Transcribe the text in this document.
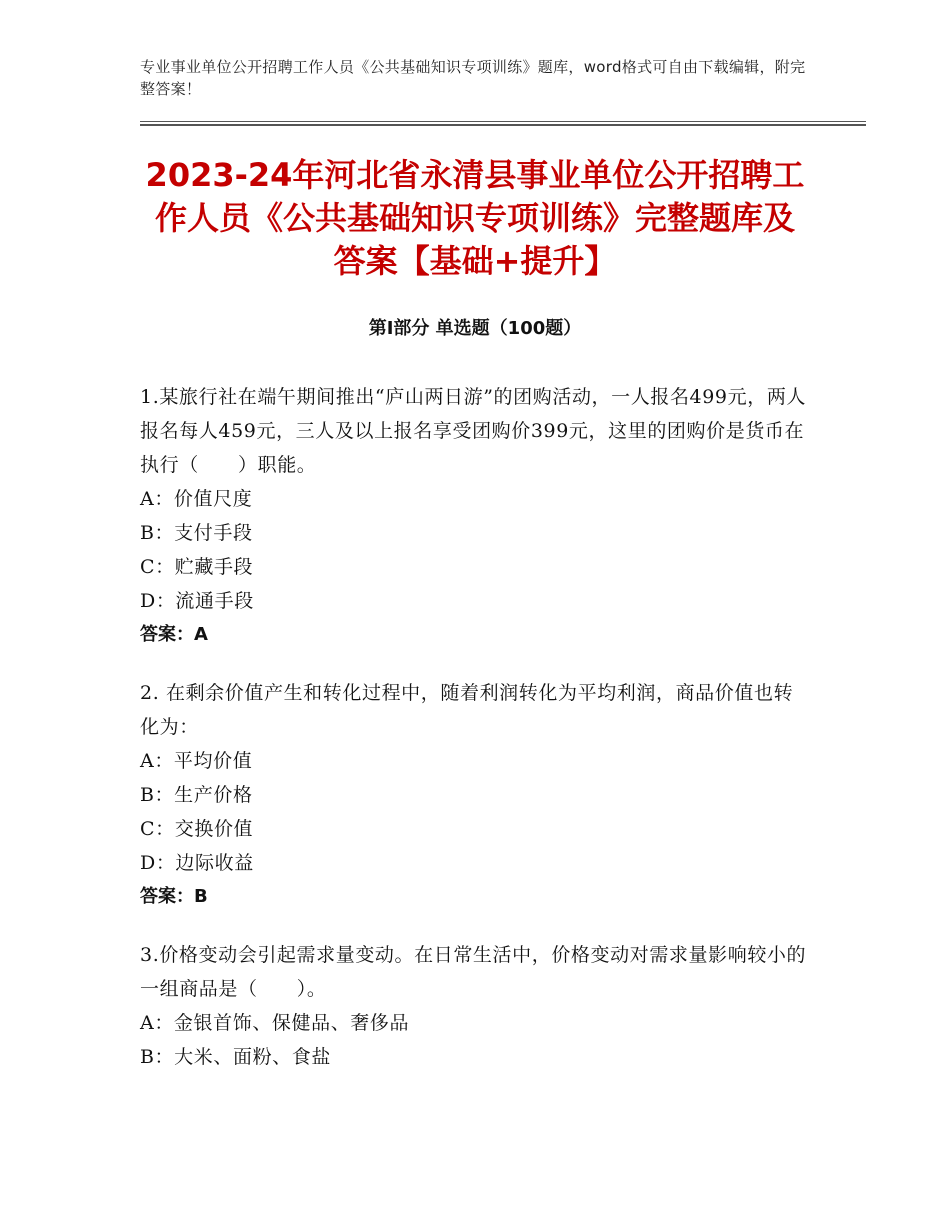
专业事业单位公开招聘工作人员《公共基础知识专项训练》题库，word格式可自由下载编辑，附完整答案！
2023-24年河北省永清县事业单位公开招聘工作人员《公共基础知识专项训练》完整题库及答案【基础+提升】
第Ⅰ部分 单选题（100题）
1.某旅行社在端午期间推出“庐山两日游”的团购活动，一人报名499元，两人报名每人459元，三人及以上报名享受团购价399元，这里的团购价是货币在执行（　　）职能。
A：价值尺度
B：支付手段
C：贮藏手段
D：流通手段
答案：A
2. 在剩余价值产生和转化过程中，随着利润转化为平均利润，商品价值也转化为：
A：平均价值
B：生产价格
C：交换价值
D：边际收益
答案：B
3.价格变动会引起需求量变动。在日常生活中，价格变动对需求量影响较小的一组商品是（　　）。
A：金银首饰、保健品、奢侈品
B：大米、面粉、食盐
